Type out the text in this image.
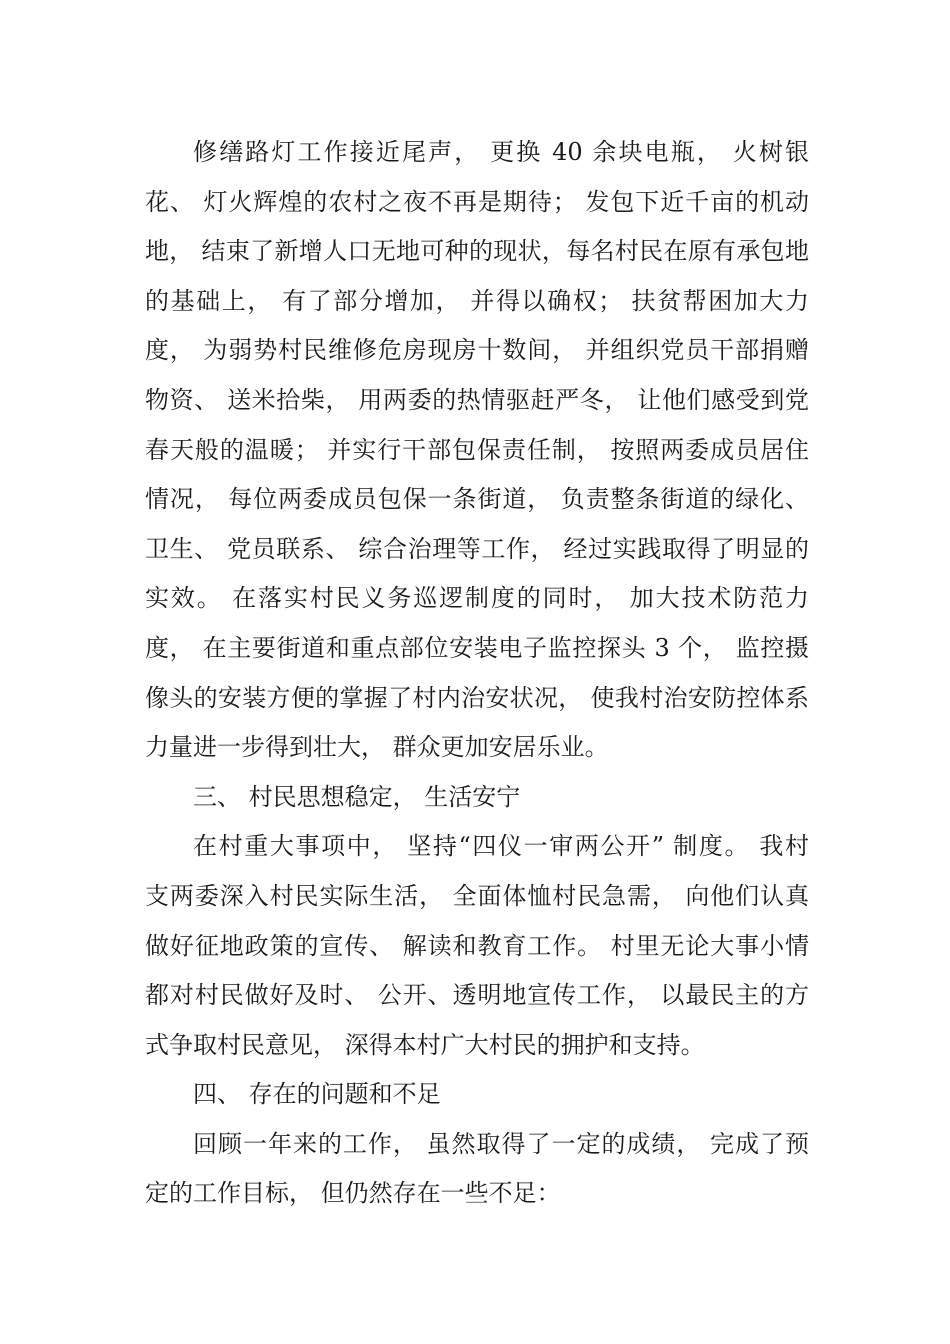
修缮路灯工作接近尾声， 更换 40 余块电瓶， 火树银
花、 灯火辉煌的农村之夜不再是期待； 发包下近千亩的机动
地， 结束了新增人口无地可种的现状，每名村民在原有承包地
的基础上， 有了部分增加， 并得以确权； 扶贫帮困加大力
度， 为弱势村民维修危房现房十数间， 并组织党员干部捐赠
物资、 送米拾柴， 用两委的热情驱赶严冬， 让他们感受到党
春天般的温暖； 并实行干部包保责任制， 按照两委成员居住
情况， 每位两委成员包保一条街道， 负责整条街道的绿化、
卫生、 党员联系、 综合治理等工作， 经过实践取得了明显的
实效。 在落实村民义务巡逻制度的同时， 加大技术防范力
度， 在主要街道和重点部位安装电子监控探头 3 个， 监控摄
像头的安装方便的掌握了村内治安状况， 使我村治安防控体系
力量进一步得到壮大， 群众更加安居乐业。
三、 村民思想稳定， 生活安宁
在村重大事项中， 坚持“四仪一审两公开” 制度。 我村
支两委深入村民实际生活， 全面体恤村民急需， 向他们认真
做好征地政策的宣传、 解读和教育工作。 村里无论大事小情
都对村民做好及时、 公开、透明地宣传工作， 以最民主的方
式争取村民意见， 深得本村广大村民的拥护和支持。
四、 存在的问题和不足
回顾一年来的工作， 虽然取得了一定的成绩， 完成了预
定的工作目标， 但仍然存在一些不足：
